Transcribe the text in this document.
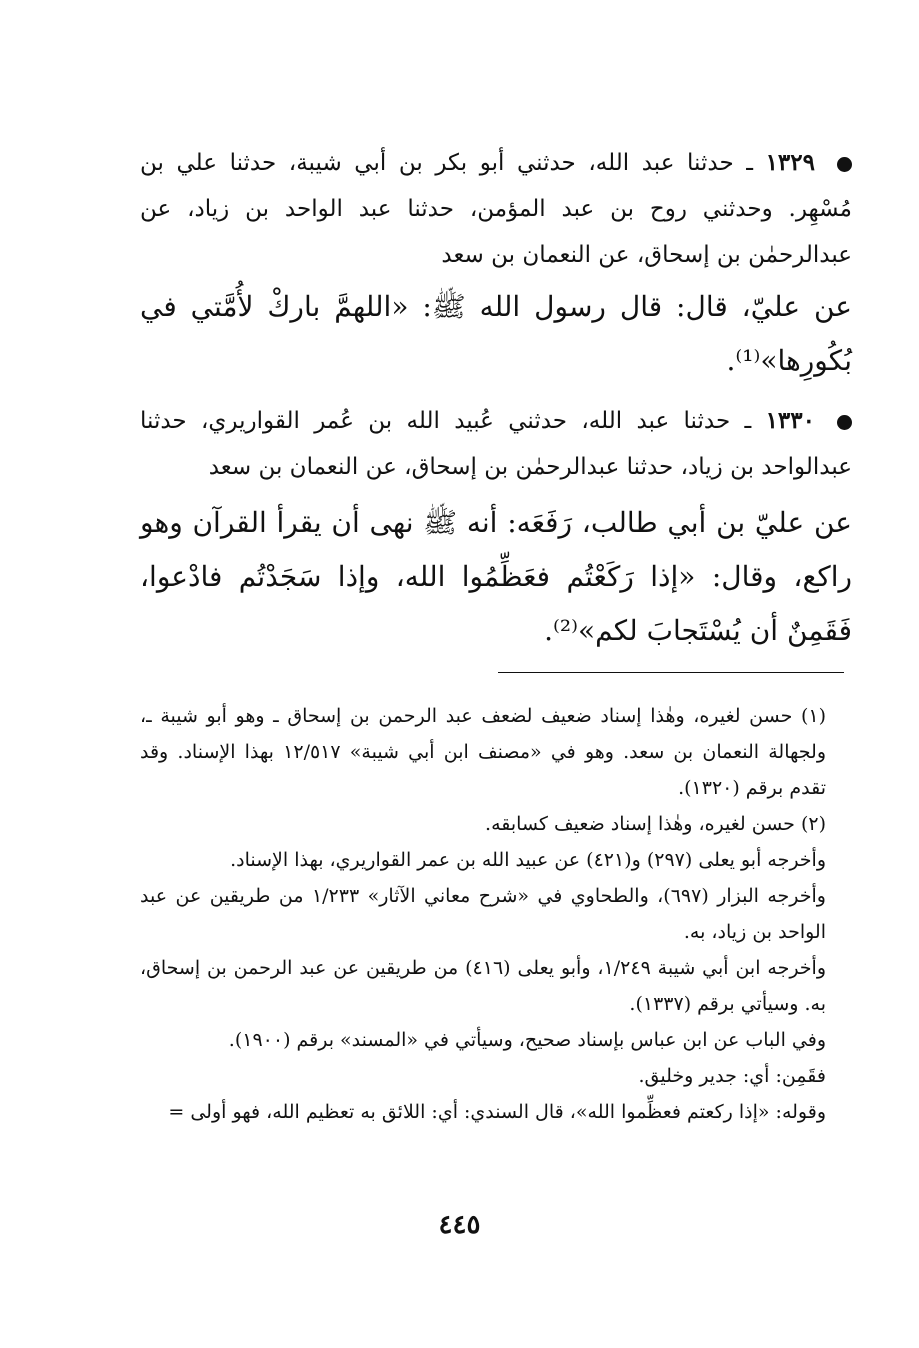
١٣٢٩ ـ حدثنا عبد الله، حدثني أبو بكر بن أبي شيبة، حدثنا علي بن مُسْهِر. وحدثني روح بن عبد المؤمن، حدثنا عبد الواحد بن زياد، عن عبدالرحمٰن بن إسحاق، عن النعمان بن سعد
عن عليّ، قال: قال رسول الله ﷺ: «اللهمَّ باركْ لأُمَّتي في بُكُورِها»⁽¹⁾.
١٣٣٠ ـ حدثنا عبد الله، حدثني عُبيد الله بن عُمر القواريري، حدثنا عبدالواحد بن زياد، حدثنا عبدالرحمٰن بن إسحاق، عن النعمان بن سعد
عن عليّ بن أبي طالب، رَفَعَه: أنه ﷺ نهى أن يقرأ القرآن وهو راكع، وقال: «إذا رَكَعْتُم فعَظِّمُوا الله، وإذا سَجَدْتُم فادْعوا، فَقَمِنٌ أن يُسْتَجابَ لكم»⁽²⁾.

(١) حسن لغيره، وهٰذا إسناد ضعيف لضعف عبد الرحمن بن إسحاق ـ وهو أبو شيبة ـ، ولجهالة النعمان بن سعد. وهو في «مصنف ابن أبي شيبة» ١٢/٥١٧ بهذا الإسناد. وقد تقدم برقم (١٣٢٠).

(٢) حسن لغيره، وهٰذا إسناد ضعيف كسابقه.

وأخرجه أبو يعلى (٢٩٧) و(٤٢١) عن عبيد الله بن عمر القواريري، بهذا الإسناد.

وأخرجه البزار (٦٩٧)، والطحاوي في «شرح معاني الآثار» ١/٢٣٣ من طريقين عن عبد الواحد بن زياد، به.

وأخرجه ابن أبي شيبة ١/٢٤٩، وأبو يعلى (٤١٦) من طريقين عن عبد الرحمن بن إسحاق، به. وسيأتي برقم (١٣٣٧).

وفي الباب عن ابن عباس بإسناد صحيح، وسيأتي في «المسند» برقم (١٩٠٠).

فقَمِن: أي: جدير وخليق.

وقوله: «إذا ركعتم فعظِّموا الله»، قال السندي: أي: اللائق به تعظيم الله، فهو أولى =

٤٤٥
